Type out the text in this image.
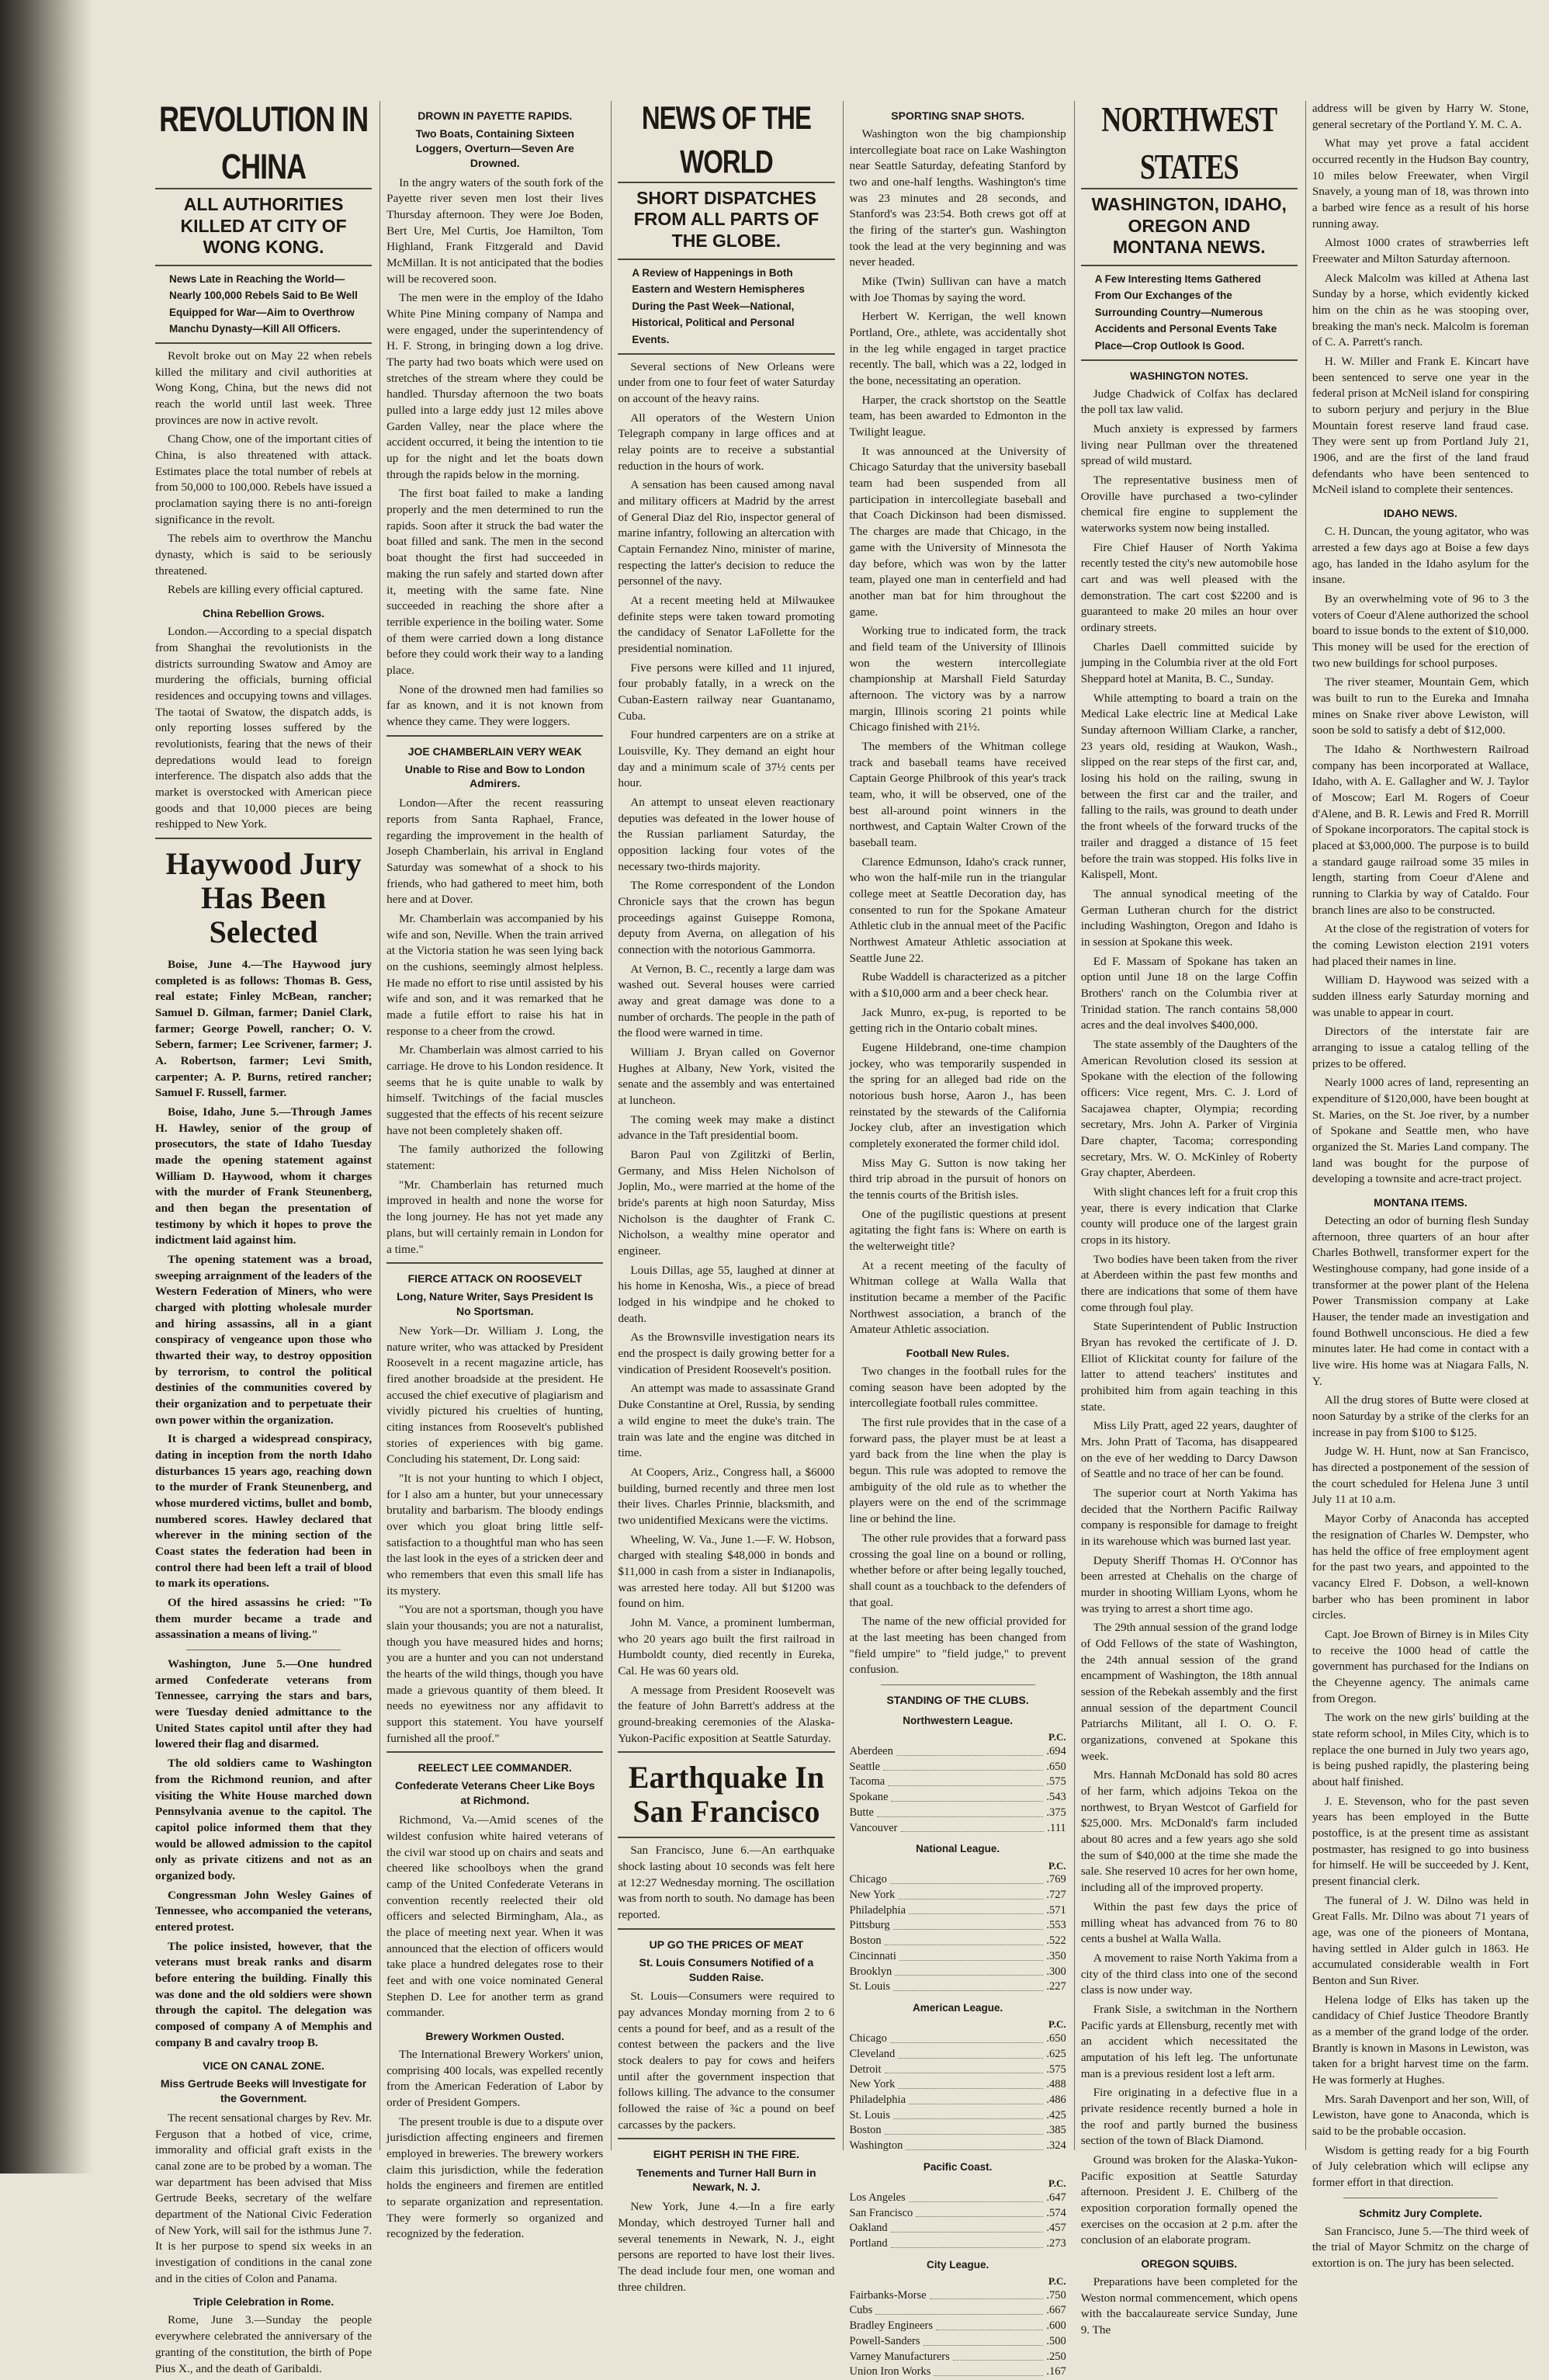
REVOLUTION IN CHINA
ALL AUTHORITIES KILLED AT CITY OF WONG KONG.
News Late in Reaching the World—Nearly 100,000 Rebels Said to Be Well Equipped for War—Aim to Overthrow Manchu Dynasty—Kill All Officers.

Revolt broke out on May 22 when rebels killed the military and civil authorities at Wong Kong, China, but the news did not reach the world until last week. Three provinces are now in active revolt.

Chang Chow, one of the important cities of China, is also threatened with attack. Estimates place the total number of rebels at from 50,000 to 100,000. Rebels have issued a proclamation saying there is no anti-foreign significance in the revolt.

The rebels aim to overthrow the Manchu dynasty, which is said to be seriously threatened.

Rebels are killing every official captured.

China Rebellion Grows.

London.—According to a special dispatch from Shanghai the revolutionists in the districts surrounding Swatow and Amoy are murdering the officials, burning official residences and occupying towns and villages. The taotai of Swatow, the dispatch adds, is only reporting losses suffered by the revolutionists, fearing that the news of their depredations would lead to foreign interference. The dispatch also adds that the market is overstocked with American piece goods and that 10,000 pieces are being reshipped to New York.

Haywood Jury Has Been Selected

Boise, June 4.—The Haywood jury completed is as follows: Thomas B. Gess, real estate; Finley McBean, rancher; Samuel D. Gilman, farmer; Daniel Clark, farmer; George Powell, rancher; O. V. Sebern, farmer; Lee Scrivener, farmer; J. A. Robertson, farmer; Levi Smith, carpenter; A. P. Burns, retired rancher; Samuel F. Russell, farmer.

Boise, Idaho, June 5.—Through James H. Hawley, senior of the group of prosecutors, the state of Idaho Tuesday made the opening statement against William D. Haywood, whom it charges with the murder of Frank Steunenberg, and then began the presentation of testimony by which it hopes to prove the indictment laid against him.

The opening statement was a broad, sweeping arraignment of the leaders of the Western Federation of Miners, who were charged with plotting wholesale murder and hiring assassins, all in a giant conspiracy of vengeance upon those who thwarted their way, to destroy opposition by terrorism, to control the political destinies of the communities covered by their organization and to perpetuate their own power within the organization.

It is charged a widespread conspiracy, dating in inception from the north Idaho disturbances 15 years ago, reaching down to the murder of Frank Steunenberg, and whose murdered victims, bullet and bomb, numbered scores. Hawley declared that wherever in the mining section of the Coast states the federation had been in control there had been left a trail of blood to mark its operations.

Of the hired assassins he cried: "To them murder became a trade and assassination a means of living."

Washington, June 5.—One hundred armed Confederate veterans from Tennessee, carrying the stars and bars, were Tuesday denied admittance to the United States capitol until after they had lowered their flag and disarmed.

The old soldiers came to Washington from the Richmond reunion, and after visiting the White House marched down Pennsylvania avenue to the capitol. The capitol police informed them that they would be allowed admission to the capitol only as private citizens and not as an organized body.

Congressman John Wesley Gaines of Tennessee, who accompanied the veterans, entered protest.

The police insisted, however, that the veterans must break ranks and disarm before entering the building. Finally this was done and the old soldiers were shown through the capitol. The delegation was composed of company A of Memphis and company B and cavalry troop B.

VICE ON CANAL ZONE.
Miss Gertrude Beeks will Investigate for the Government.

The recent sensational charges by Rev. Mr. Ferguson that a hotbed of vice, crime, immorality and official graft exists in the canal zone are to be probed by a woman. The war department has been advised that Miss Gertrude Beeks, secretary of the welfare department of the National Civic Federation of New York, will sail for the isthmus June 7. It is her purpose to spend six weeks in an investigation of conditions in the canal zone and in the cities of Colon and Panama.

Triple Celebration in Rome.

Rome, June 3.—Sunday the people everywhere celebrated the anniversary of the granting of the constitution, the birth of Pope Pius X., and the death of Garibaldi.

DROWN IN PAYETTE RAPIDS.
Two Boats, Containing Sixteen Loggers, Overturn—Seven Are Drowned.

In the angry waters of the south fork of the Payette river seven men lost their lives Thursday afternoon. They were Joe Boden, Bert Ure, Mel Curtis, Joe Hamilton, Tom Highland, Frank Fitzgerald and David McMillan. It is not anticipated that the bodies will be recovered soon.

The men were in the employ of the Idaho White Pine Mining company of Nampa and were engaged, under the superintendency of H. F. Strong, in bringing down a log drive. The party had two boats which were used on stretches of the stream where they could be handled. Thursday afternoon the two boats pulled into a large eddy just 12 miles above Garden Valley, near the place where the accident occurred, it being the intention to tie up for the night and let the boats down through the rapids below in the morning.

The first boat failed to make a landing properly and the men determined to run the rapids. Soon after it struck the bad water the boat filled and sank. The men in the second boat thought the first had succeeded in making the run safely and started down after it, meeting with the same fate. Nine succeeded in reaching the shore after a terrible experience in the boiling water. Some of them were carried down a long distance before they could work their way to a landing place.

None of the drowned men had families so far as known, and it is not known from whence they came. They were loggers.

JOE CHAMBERLAIN VERY WEAK
Unable to Rise and Bow to London Admirers.

London—After the recent reassuring reports from Santa Raphael, France, regarding the improvement in the health of Joseph Chamberlain, his arrival in England Saturday was somewhat of a shock to his friends, who had gathered to meet him, both here and at Dover.

Mr. Chamberlain was accompanied by his wife and son, Neville. When the train arrived at the Victoria station he was seen lying back on the cushions, seemingly almost helpless. He made no effort to rise until assisted by his wife and son, and it was remarked that he made a futile effort to raise his hat in response to a cheer from the crowd.

Mr. Chamberlain was almost carried to his carriage. He drove to his London residence. It seems that he is quite unable to walk by himself. Twitchings of the facial muscles suggested that the effects of his recent seizure have not been completely shaken off.

The family authorized the following statement:

"Mr. Chamberlain has returned much improved in health and none the worse for the long journey. He has not yet made any plans, but will certainly remain in London for a time."

FIERCE ATTACK ON ROOSEVELT
Long, Nature Writer, Says President Is No Sportsman.

New York—Dr. William J. Long, the nature writer, who was attacked by President Roosevelt in a recent magazine article, has fired another broadside at the president. He accused the chief executive of plagiarism and vividly pictured his cruelties of hunting, citing instances from Roosevelt's published stories of experiences with big game. Concluding his statement, Dr. Long said:

"It is not your hunting to which I object, for I also am a hunter, but your unnecessary brutality and barbarism. The bloody endings over which you gloat bring little self-satisfaction to a thoughtful man who has seen the last look in the eyes of a stricken deer and who remembers that even this small life has its mystery.

"You are not a sportsman, though you have slain your thousands; you are not a naturalist, though you have measured hides and horns; you are a hunter and you can not understand the hearts of the wild things, though you have made a grievous quantity of them bleed. It needs no eyewitness nor any affidavit to support this statement. You have yourself furnished all the proof."

REELECT LEE COMMANDER.
Confederate Veterans Cheer Like Boys at Richmond.

Richmond, Va.—Amid scenes of the wildest confusion white haired veterans of the civil war stood up on chairs and seats and cheered like schoolboys when the grand camp of the United Confederate Veterans in convention recently reelected their old officers and selected Birmingham, Ala., as the place of meeting next year. When it was announced that the election of officers would take place a hundred delegates rose to their feet and with one voice nominated General Stephen D. Lee for another term as grand commander.

Brewery Workmen Ousted.

The International Brewery Workers' union, comprising 400 locals, was expelled recently from the American Federation of Labor by order of President Gompers.

The present trouble is due to a dispute over jurisdiction affecting engineers and firemen employed in breweries. The brewery workers claim this jurisdiction, while the federation holds the engineers and firemen are entitled to separate organization and representation. They were formerly so organized and recognized by the federation.

NEWS OF THE WORLD
SHORT DISPATCHES FROM ALL PARTS OF THE GLOBE.
A Review of Happenings in Both Eastern and Western Hemispheres During the Past Week—National, Historical, Political and Personal Events.

Several sections of New Orleans were under from one to four feet of water Saturday on account of the heavy rains.

All operators of the Western Union Telegraph company in large offices and at relay points are to receive a substantial reduction in the hours of work.

A sensation has been caused among naval and military officers at Madrid by the arrest of General Diaz del Rio, inspector general of marine infantry, following an altercation with Captain Fernandez Nino, minister of marine, respecting the latter's decision to reduce the personnel of the navy.

At a recent meeting held at Milwaukee definite steps were taken toward promoting the candidacy of Senator LaFollette for the presidential nomination.

Five persons were killed and 11 injured, four probably fatally, in a wreck on the Cuban-Eastern railway near Guantanamo, Cuba.

Four hundred carpenters are on a strike at Louisville, Ky. They demand an eight hour day and a minimum scale of 37½ cents per hour.

An attempt to unseat eleven reactionary deputies was defeated in the lower house of the Russian parliament Saturday, the opposition lacking four votes of the necessary two-thirds majority.

The Rome correspondent of the London Chronicle says that the crown has begun proceedings against Guiseppe Romona, deputy from Averna, on allegation of his connection with the notorious Gammorra.

At Vernon, B. C., recently a large dam was washed out. Several houses were carried away and great damage was done to a number of orchards. The people in the path of the flood were warned in time.

William J. Bryan called on Governor Hughes at Albany, New York, visited the senate and the assembly and was entertained at luncheon.

The coming week may make a distinct advance in the Taft presidential boom.

Baron Paul von Zgilitzki of Berlin, Germany, and Miss Helen Nicholson of Joplin, Mo., were married at the home of the bride's parents at high noon Saturday, Miss Nicholson is the daughter of Frank C. Nicholson, a wealthy mine operator and engineer.

Louis Dillas, age 55, laughed at dinner at his home in Kenosha, Wis., a piece of bread lodged in his windpipe and he choked to death.

As the Brownsville investigation nears its end the prospect is daily growing better for a vindication of President Roosevelt's position.

An attempt was made to assassinate Grand Duke Constantine at Orel, Russia, by sending a wild engine to meet the duke's train. The train was late and the engine was ditched in time.

At Coopers, Ariz., Congress hall, a $6000 building, burned recently and three men lost their lives. Charles Prinnie, blacksmith, and two unidentified Mexicans were the victims.

Wheeling, W. Va., June 1.—F. W. Hobson, charged with stealing $48,000 in bonds and $11,000 in cash from a sister in Indianapolis, was arrested here today. All but $1200 was found on him.

John M. Vance, a prominent lumberman, who 20 years ago built the first railroad in Humboldt county, died recently in Eureka, Cal. He was 60 years old.

A message from President Roosevelt was the feature of John Barrett's address at the ground-breaking ceremonies of the Alaska-Yukon-Pacific exposition at Seattle Saturday.

Earthquake In San Francisco

San Francisco, June 6.—An earthquake shock lasting about 10 seconds was felt here at 12:27 Wednesday morning. The oscillation was from north to south. No damage has been reported.

UP GO THE PRICES OF MEAT
St. Louis Consumers Notified of a Sudden Raise.

St. Louis—Consumers were required to pay advances Monday morning from 2 to 6 cents a pound for beef, and as a result of the contest between the packers and the live stock dealers to pay for cows and heifers until after the government inspection that follows killing. The advance to the consumer followed the raise of ¾c a pound on beef carcasses by the packers.

EIGHT PERISH IN THE FIRE.
Tenements and Turner Hall Burn in Newark, N. J.

New York, June 4.—In a fire early Monday, which destroyed Turner hall and several tenements in Newark, N. J., eight persons are reported to have lost their lives. The dead include four men, one woman and three children.

SPORTING SNAP SHOTS.

Washington won the big championship intercollegiate boat race on Lake Washington near Seattle Saturday, defeating Stanford by two and one-half lengths. Washington's time was 23 minutes and 28 seconds, and Stanford's was 23:54. Both crews got off at the firing of the starter's gun. Washington took the lead at the very beginning and was never headed.

Mike (Twin) Sullivan can have a match with Joe Thomas by saying the word.

Herbert W. Kerrigan, the well known Portland, Ore., athlete, was accidentally shot in the leg while engaged in target practice recently. The ball, which was a 22, lodged in the bone, necessitating an operation.

Harper, the crack shortstop on the Seattle team, has been awarded to Edmonton in the Twilight league.

It was announced at the University of Chicago Saturday that the university baseball team had been suspended from all participation in intercollegiate baseball and that Coach Dickinson had been dismissed. The charges are made that Chicago, in the game with the University of Minnesota the day before, which was won by the latter team, played one man in centerfield and had another man bat for him throughout the game.

Working true to indicated form, the track and field team of the University of Illinois won the western intercollegiate championship at Marshall Field Saturday afternoon. The victory was by a narrow margin, Illinois scoring 21 points while Chicago finished with 21½.

The members of the Whitman college track and baseball teams have received Captain George Philbrook of this year's track team, who, it will be observed, one of the best all-around point winners in the northwest, and Captain Walter Crown of the baseball team.

Clarence Edmunson, Idaho's crack runner, who won the half-mile run in the triangular college meet at Seattle Decoration day, has consented to run for the Spokane Amateur Athletic club in the annual meet of the Pacific Northwest Amateur Athletic association at Seattle June 22.

Rube Waddell is characterized as a pitcher with a $10,000 arm and a beer check hear.

Jack Munro, ex-pug, is reported to be getting rich in the Ontario cobalt mines.

Eugene Hildebrand, one-time champion jockey, who was temporarily suspended in the spring for an alleged bad ride on the notorious bush horse, Aaron J., has been reinstated by the stewards of the California Jockey club, after an investigation which completely exonerated the former child idol.

Miss May G. Sutton is now taking her third trip abroad in the pursuit of honors on the tennis courts of the British isles.

One of the pugilistic questions at present agitating the fight fans is: Where on earth is the welterweight title?

At a recent meeting of the faculty of Whitman college at Walla Walla that institution became a member of the Pacific Northwest association, a branch of the Amateur Athletic association.

Football New Rules.

Two changes in the football rules for the coming season have been adopted by the intercollegiate football rules committee.

The first rule provides that in the case of a forward pass, the player must be at least a yard back from the line when the play is begun. This rule was adopted to remove the ambiguity of the old rule as to whether the players were on the end of the scrimmage line or behind the line.

The other rule provides that a forward pass crossing the goal line on a bound or rolling, whether before or after being legally touched, shall count as a touchback to the defenders of that goal.

The name of the new official provided for at the last meeting has been changed from "field umpire" to "field judge," to prevent confusion.

STANDING OF THE CLUBS.
Northwestern League.
P.C.
Aberdeen	.694
Seattle	.650
Tacoma	.575
Spokane	.543
Butte	.375
Vancouver	.111
National League.
P.C.
Chicago	.769
New York	.727
Philadelphia	.571
Pittsburg	.553
Boston	.522
Cincinnati	.350
Brooklyn	.300
St. Louis	.227
American League.
P.C.
Chicago	.650
Cleveland	.625
Detroit	.575
New York	.488
Philadelphia	.486
St. Louis	.425
Boston	.385
Washington	.324
Pacific Coast.
P.C.
Los Angeles	.647
San Francisco	.574
Oakland	.457
Portland	.273
City League.
P.C.
Fairbanks-Morse	.750
Cubs	.667
Bradley Engineers	.600
Powell-Sanders	.500
Varney Manufacturers	.250
Union Iron Works	.167
NORTHWEST STATES
WASHINGTON, IDAHO, OREGON AND MONTANA NEWS.
A Few Interesting Items Gathered From Our Exchanges of the Surrounding Country—Numerous Accidents and Personal Events Take Place—Crop Outlook Is Good.
WASHINGTON NOTES.

Judge Chadwick of Colfax has declared the poll tax law valid.

Much anxiety is expressed by farmers living near Pullman over the threatened spread of wild mustard.

The representative business men of Oroville have purchased a two-cylinder chemical fire engine to supplement the waterworks system now being installed.

Fire Chief Hauser of North Yakima recently tested the city's new automobile hose cart and was well pleased with the demonstration. The cart cost $2200 and is guaranteed to make 20 miles an hour over ordinary streets.

Charles Daell committed suicide by jumping in the Columbia river at the old Fort Sheppard hotel at Manita, B. C., Sunday.

While attempting to board a train on the Medical Lake electric line at Medical Lake Sunday afternoon William Clarke, a rancher, 23 years old, residing at Waukon, Wash., slipped on the rear steps of the first car, and, losing his hold on the railing, swung in between the first car and the trailer, and falling to the rails, was ground to death under the front wheels of the forward trucks of the trailer and dragged a distance of 15 feet before the train was stopped. His folks live in Kalispell, Mont.

The annual synodical meeting of the German Lutheran church for the district including Washington, Oregon and Idaho is in session at Spokane this week.

Ed F. Massam of Spokane has taken an option until June 18 on the large Coffin Brothers' ranch on the Columbia river at Trinidad station. The ranch contains 58,000 acres and the deal involves $400,000.

The state assembly of the Daughters of the American Revolution closed its session at Spokane with the election of the following officers: Vice regent, Mrs. C. J. Lord of Sacajawea chapter, Olympia; recording secretary, Mrs. John A. Parker of Virginia Dare chapter, Tacoma; corresponding secretary, Mrs. W. O. McKinley of Roberty Gray chapter, Aberdeen.

With slight chances left for a fruit crop this year, there is every indication that Clarke county will produce one of the largest grain crops in its history.

Two bodies have been taken from the river at Aberdeen within the past few months and there are indications that some of them have come through foul play.

State Superintendent of Public Instruction Bryan has revoked the certificate of J. D. Elliot of Klickitat county for failure of the latter to attend teachers' institutes and prohibited him from again teaching in this state.

Miss Lily Pratt, aged 22 years, daughter of Mrs. John Pratt of Tacoma, has disappeared on the eve of her wedding to Darcy Dawson of Seattle and no trace of her can be found.

The superior court at North Yakima has decided that the Northern Pacific Railway company is responsible for damage to freight in its warehouse which was burned last year.

Deputy Sheriff Thomas H. O'Connor has been arrested at Chehalis on the charge of murder in shooting William Lyons, whom he was trying to arrest a short time ago.

The 29th annual session of the grand lodge of Odd Fellows of the state of Washington, the 24th annual session of the grand encampment of Washington, the 18th annual session of the Rebekah assembly and the first annual session of the department Council Patriarchs Militant, all I. O. O. F. organizations, convened at Spokane this week.

Mrs. Hannah McDonald has sold 80 acres of her farm, which adjoins Tekoa on the northwest, to Bryan Westcot of Garfield for $25,000. Mrs. McDonald's farm included about 80 acres and a few years ago she sold the sum of $40,000 at the time she made the sale. She reserved 10 acres for her own home, including all of the improved property.

Within the past few days the price of milling wheat has advanced from 76 to 80 cents a bushel at Walla Walla.

A movement to raise North Yakima from a city of the third class into one of the second class is now under way.

Frank Sisle, a switchman in the Northern Pacific yards at Ellensburg, recently met with an accident which necessitated the amputation of his left leg. The unfortunate man is a previous resident lost a left arm.

Fire originating in a defective flue in a private residence recently burned a hole in the roof and partly burned the business section of the town of Black Diamond.

Ground was broken for the Alaska-Yukon-Pacific exposition at Seattle Saturday afternoon. President J. E. Chilberg of the exposition corporation formally opened the exercises on the occasion at 2 p.m. after the conclusion of an elaborate program.

OREGON SQUIBS.

Preparations have been completed for the Weston normal commencement, which opens with the baccalaureate service Sunday, June 9. The

address will be given by Harry W. Stone, general secretary of the Portland Y. M. C. A.

What may yet prove a fatal accident occurred recently in the Hudson Bay country, 10 miles below Freewater, when Virgil Snavely, a young man of 18, was thrown into a barbed wire fence as a result of his horse running away.

Almost 1000 crates of strawberries left Freewater and Milton Saturday afternoon.

Aleck Malcolm was killed at Athena last Sunday by a horse, which evidently kicked him on the chin as he was stooping over, breaking the man's neck. Malcolm is foreman of C. A. Parrett's ranch.

H. W. Miller and Frank E. Kincart have been sentenced to serve one year in the federal prison at McNeil island for conspiring to suborn perjury and perjury in the Blue Mountain forest reserve land fraud case. They were sent up from Portland July 21, 1906, and are the first of the land fraud defendants who have been sentenced to McNeil island to complete their sentences.

IDAHO NEWS.

C. H. Duncan, the young agitator, who was arrested a few days ago at Boise a few days ago, has landed in the Idaho asylum for the insane.

By an overwhelming vote of 96 to 3 the voters of Coeur d'Alene authorized the school board to issue bonds to the extent of $10,000. This money will be used for the erection of two new buildings for school purposes.

The river steamer, Mountain Gem, which was built to run to the Eureka and Imnaha mines on Snake river above Lewiston, will soon be sold to satisfy a debt of $12,000.

The Idaho & Northwestern Railroad company has been incorporated at Wallace, Idaho, with A. E. Gallagher and W. J. Taylor of Moscow; Earl M. Rogers of Coeur d'Alene, and B. R. Lewis and Fred R. Morrill of Spokane incorporators. The capital stock is placed at $3,000,000. The purpose is to build a standard gauge railroad some 35 miles in length, starting from Coeur d'Alene and running to Clarkia by way of Cataldo. Four branch lines are also to be constructed.

At the close of the registration of voters for the coming Lewiston election 2191 voters had placed their names in line.

William D. Haywood was seized with a sudden illness early Saturday morning and was unable to appear in court.

Directors of the interstate fair are arranging to issue a catalog telling of the prizes to be offered.

Nearly 1000 acres of land, representing an expenditure of $120,000, have been bought at St. Maries, on the St. Joe river, by a number of Spokane and Seattle men, who have organized the St. Maries Land company. The land was bought for the purpose of developing a townsite and acre-tract project.

MONTANA ITEMS.

Detecting an odor of burning flesh Sunday afternoon, three quarters of an hour after Charles Bothwell, transformer expert for the Westinghouse company, had gone inside of a transformer at the power plant of the Helena Power Transmission company at Lake Hauser, the tender made an investigation and found Bothwell unconscious. He died a few minutes later. He had come in contact with a live wire. His home was at Niagara Falls, N. Y.

All the drug stores of Butte were closed at noon Saturday by a strike of the clerks for an increase in pay from $100 to $125.

Judge W. H. Hunt, now at San Francisco, has directed a postponement of the session of the court scheduled for Helena June 3 until July 11 at 10 a.m.

Mayor Corby of Anaconda has accepted the resignation of Charles W. Dempster, who has held the office of free employment agent for the past two years, and appointed to the vacancy Elred F. Dobson, a well-known barber who has been prominent in labor circles.

Capt. Joe Brown of Birney is in Miles City to receive the 1000 head of cattle the government has purchased for the Indians on the Cheyenne agency. The animals came from Oregon.

The work on the new girls' building at the state reform school, in Miles City, which is to replace the one burned in July two years ago, is being pushed rapidly, the plastering being about half finished.

J. E. Stevenson, who for the past seven years has been employed in the Butte postoffice, is at the present time as assistant postmaster, has resigned to go into business for himself. He will be succeeded by J. Kent, present financial clerk.

The funeral of J. W. Dilno was held in Great Falls. Mr. Dilno was about 71 years of age, was one of the pioneers of Montana, having settled in Alder gulch in 1863. He accumulated considerable wealth in Fort Benton and Sun River.

Helena lodge of Elks has taken up the candidacy of Chief Justice Theodore Brantly as a member of the grand lodge of the order. Brantly is known in Masons in Lewiston, was taken for a bright harvest time on the farm. He was formerly at Hughes.

Mrs. Sarah Davenport and her son, Will, of Lewiston, have gone to Anaconda, which is said to be the probable occasion.

Wisdom is getting ready for a big Fourth of July celebration which will eclipse any former effort in that direction.

Schmitz Jury Complete.

San Francisco, June 5.—The third week of the trial of Mayor Schmitz on the charge of extortion is on. The jury has been selected.
